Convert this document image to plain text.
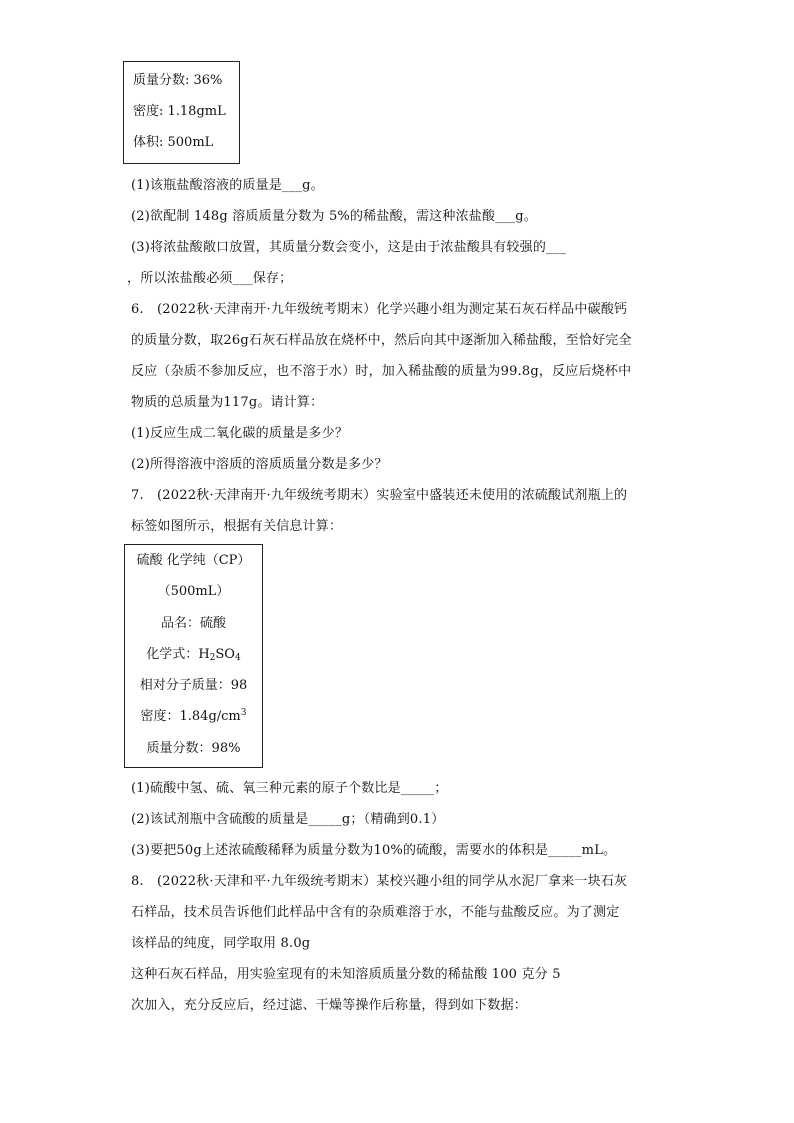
质量分数: 36%
密度: 1.18gmL
体积: 500mL
(1)该瓶盐酸溶液的质量是___g。
(2)欲配制 148g 溶质质量分数为 5%的稀盐酸，需这种浓盐酸___g。
(3)将浓盐酸敞口放置，其质量分数会变小，这是由于浓盐酸具有较强的___
，所以浓盐酸必须___保存；
6.　(2022秋·天津南开·九年级统考期末）化学兴趣小组为测定某石灰石样品中碳酸钙
的质量分数，取26g石灰石样品放在烧杯中，然后向其中逐渐加入稀盐酸，至恰好完全
反应（杂质不参加反应，也不溶于水）时，加入稀盐酸的质量为99.8g，反应后烧杯中
物质的总质量为117g。请计算：
(1)反应生成二氧化碳的质量是多少？
(2)所得溶液中溶质的溶质质量分数是多少？
7.　(2022秋·天津南开·九年级统考期末）实验室中盛装还未使用的浓硫酸试剂瓶上的
标签如图所示，根据有关信息计算：
硫酸 化学纯（CP）
（500mL）
品名：硫酸
化学式：$H_2SO_4$
相对分子质量：98
密度：$1.84g/cm^3$
质量分数：98%
(1)硫酸中氢、硫、氧三种元素的原子个数比是_____；
(2)该试剂瓶中含硫酸的质量是_____g；（精确到0.1）
(3)要把50g上述浓硫酸稀释为质量分数为10%的硫酸，需要水的体积是_____mL。
8.　(2022秋·天津和平·九年级统考期末）某校兴趣小组的同学从水泥厂拿来一块石灰
石样品，技术员告诉他们此样品中含有的杂质难溶于水，不能与盐酸反应。为了测定
该样品的纯度，同学取用 8.0g
这种石灰石样品，用实验室现有的未知溶质质量分数的稀盐酸 100 克分 5
次加入，充分反应后，经过滤、干燥等操作后称量，得到如下数据：
